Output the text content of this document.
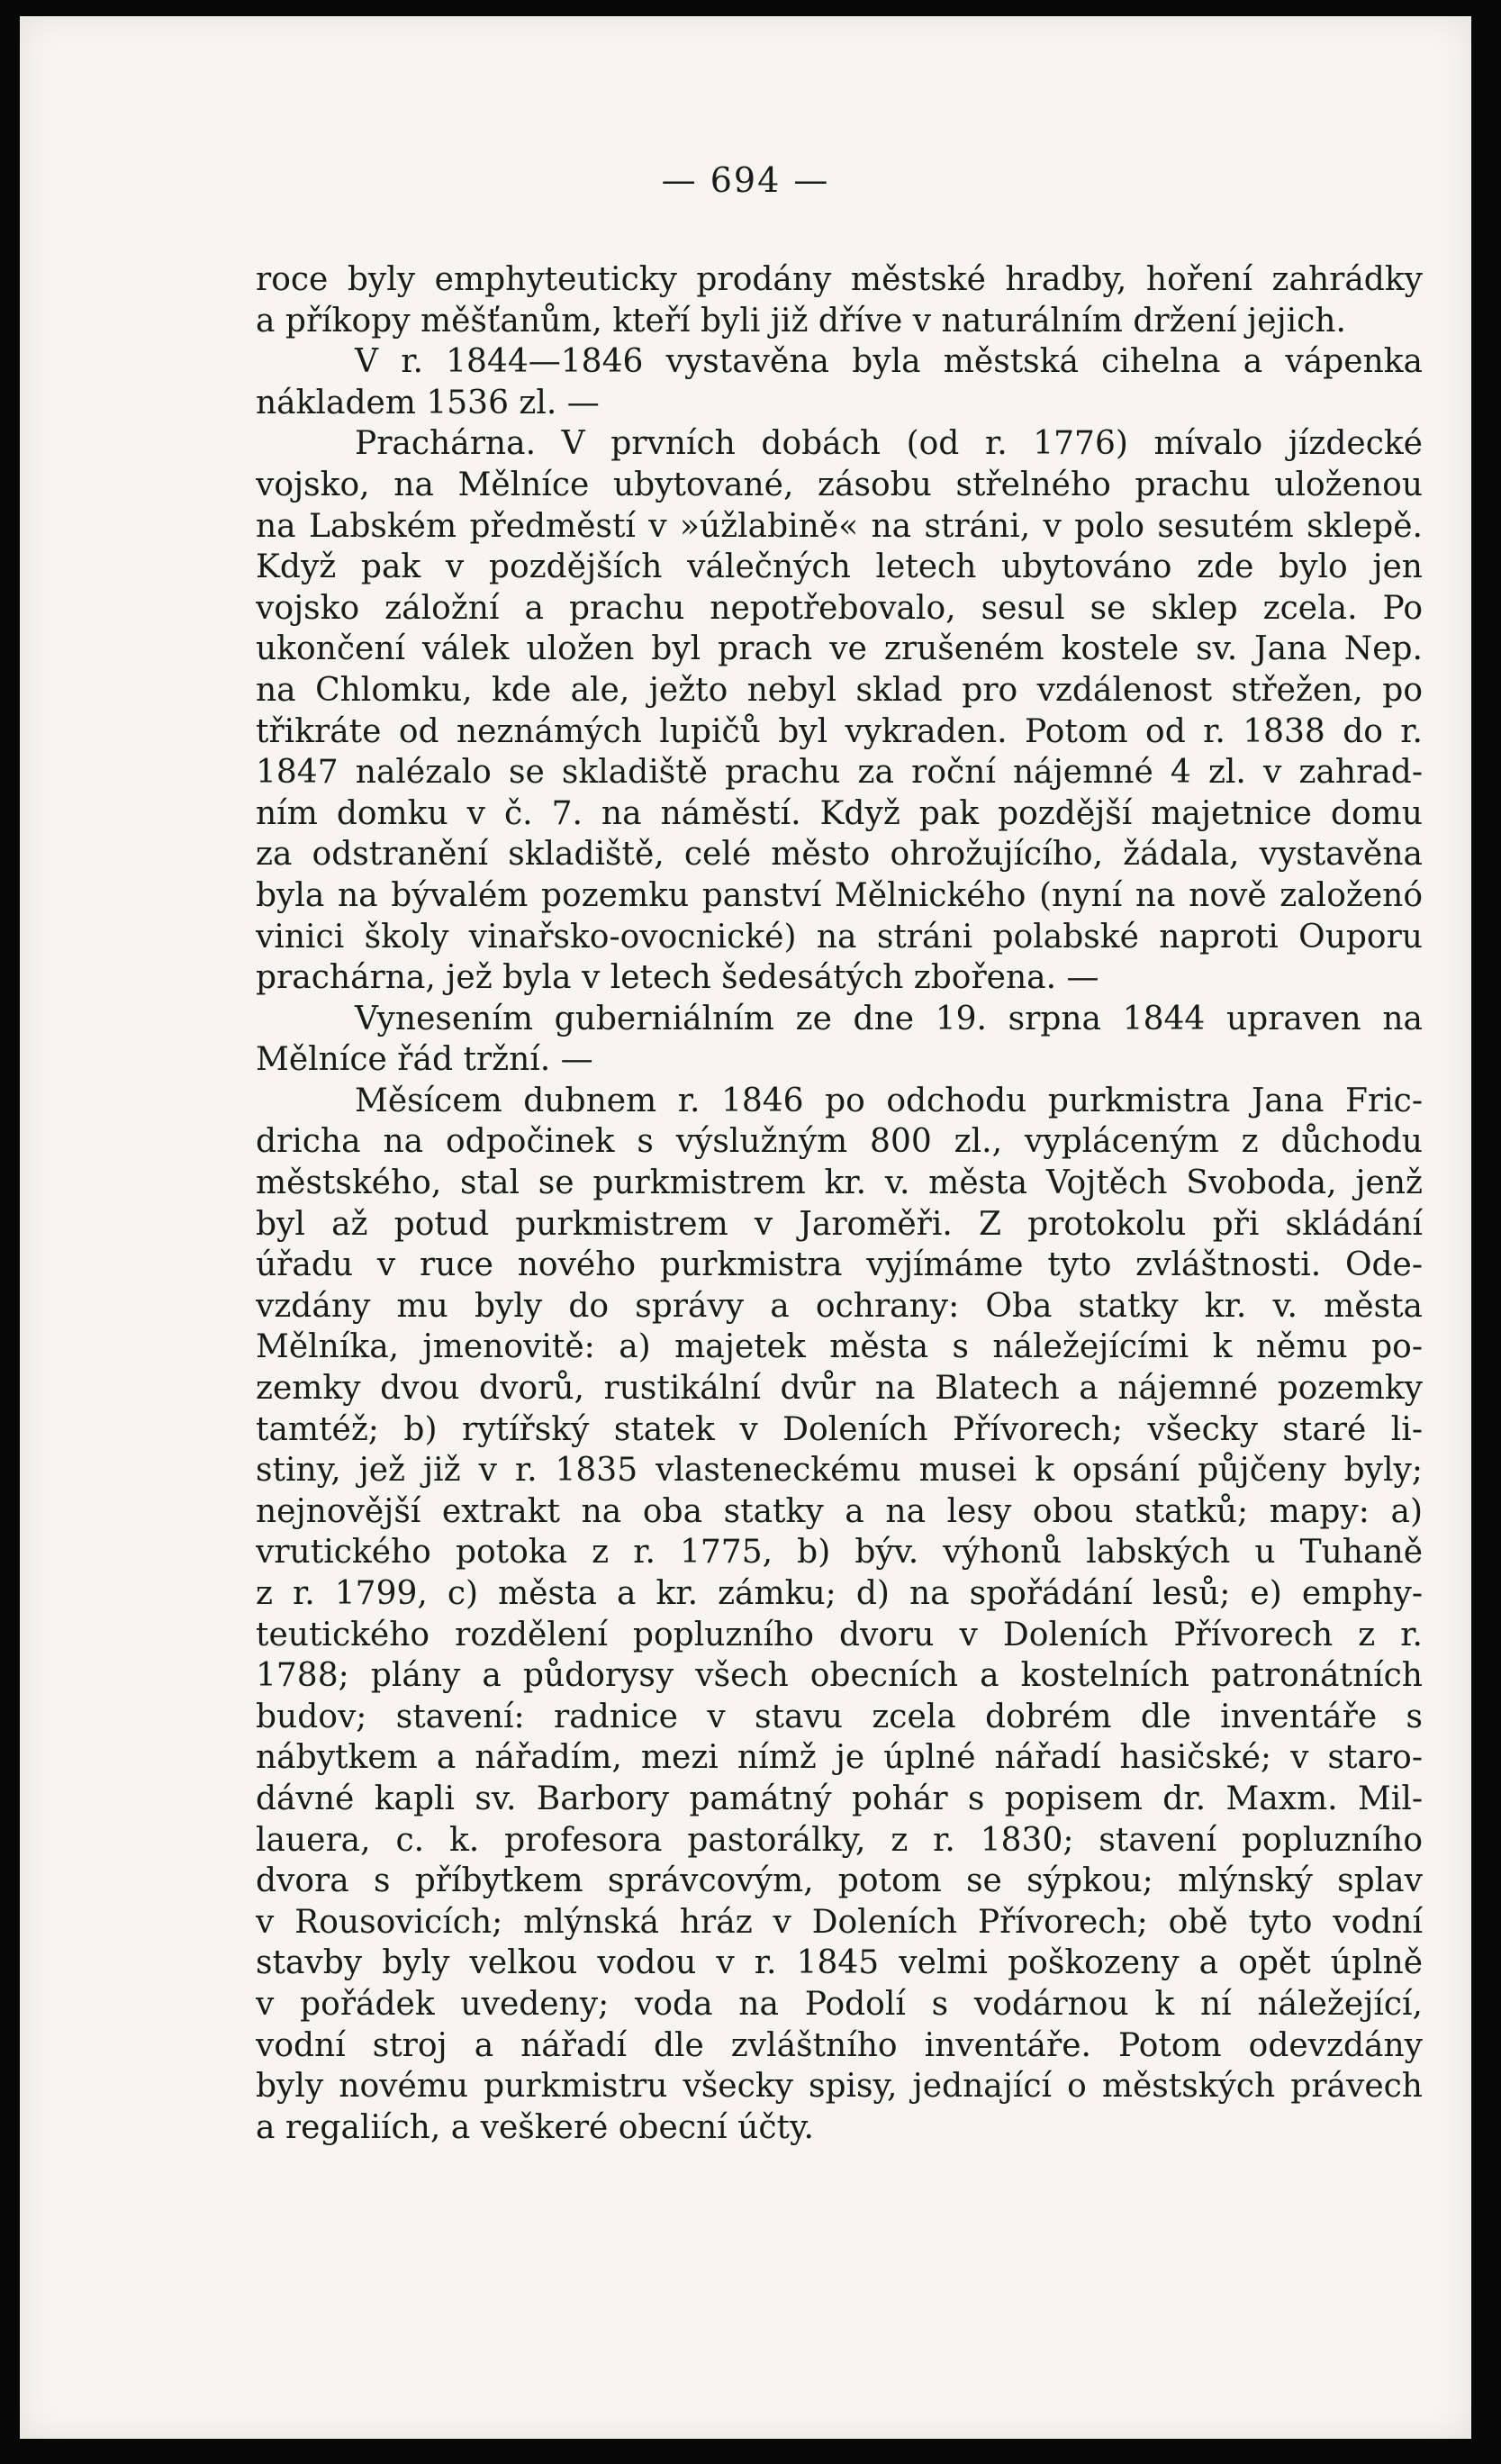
— 694 —
roce byly emphyteuticky prodány městské hradby, hoření zahrádky
a příkopy měšťanům, kteří byli již dříve v naturálním držení jejich.
V r. 1844—1846 vystavěna byla městská cihelna a vápenka
nákladem 1536 zl. —
Prachárna. V prvních dobách (od r. 1776) mívalo jízdecké
vojsko, na Mělníce ubytované, zásobu střelného prachu uloženou
na Labském předměstí v »úžlabině« na stráni, v polo sesutém sklepě.
Když pak v pozdějších válečných letech ubytováno zde bylo jen
vojsko záložní a prachu nepotřebovalo, sesul se sklep zcela. Po
ukončení válek uložen byl prach ve zrušeném kostele sv. Jana Nep.
na Chlomku, kde ale, ježto nebyl sklad pro vzdálenost střežen, po
třikráte od neznámých lupičů byl vykraden. Potom od r. 1838 do r.
1847 nalézalo se skladiště prachu za roční nájemné 4 zl. v zahrad-
ním domku v č. 7. na náměstí. Když pak pozdější majetnice domu
za odstranění skladiště, celé město ohrožujícího, žádala, vystavěna
byla na bývalém pozemku panství Mělnického (nyní na nově založenó
vinici školy vinařsko-ovocnické) na stráni polabské naproti Ouporu
prachárna, jež byla v letech šedesátých zbořena. —
Vynesením guberniálním ze dne 19. srpna 1844 upraven na
Mělníce řád tržní. —
Měsícem dubnem r. 1846 po odchodu purkmistra Jana Fric-
dricha na odpočinek s výslužným 800 zl., vypláceným z důchodu
městského, stal se purkmistrem kr. v. města Vojtěch Svoboda, jenž
byl až potud purkmistrem v Jaroměři. Z protokolu při skládání
úřadu v ruce nového purkmistra vyjímáme tyto zvláštnosti. Ode-
vzdány mu byly do správy a ochrany: Oba statky kr. v. města
Mělníka, jmenovitě: a) majetek města s náležejícími k němu po-
zemky dvou dvorů, rustikální dvůr na Blatech a nájemné pozemky
tamtéž; b) rytířský statek v Doleních Přívorech; všecky staré li-
stiny, jež již v r. 1835 vlasteneckému musei k opsání půjčeny byly;
nejnovější extrakt na oba statky a na lesy obou statků; mapy: a)
vrutického potoka z r. 1775, b) býv. výhonů labských u Tuhaně
z r. 1799, c) města a kr. zámku; d) na spořádání lesů; e) emphy-
teutického rozdělení popluzního dvoru v Doleních Přívorech z r.
1788; plány a půdorysy všech obecních a kostelních patronátních
budov; stavení: radnice v stavu zcela dobrém dle inventáře s
nábytkem a nářadím, mezi nímž je úplné nářadí hasičské; v staro-
dávné kapli sv. Barbory památný pohár s popisem dr. Maxm. Mil-
lauera, c. k. profesora pastorálky, z r. 1830; stavení popluzního
dvora s příbytkem správcovým, potom se sýpkou; mlýnský splav
v Rousovicích; mlýnská hráz v Doleních Přívorech; obě tyto vodní
stavby byly velkou vodou v r. 1845 velmi poškozeny a opět úplně
v pořádek uvedeny; voda na Podolí s vodárnou k ní náležející,
vodní stroj a nářadí dle zvláštního inventáře. Potom odevzdány
byly novému purkmistru všecky spisy, jednající o městských právech
a regaliích, a veškeré obecní účty.
